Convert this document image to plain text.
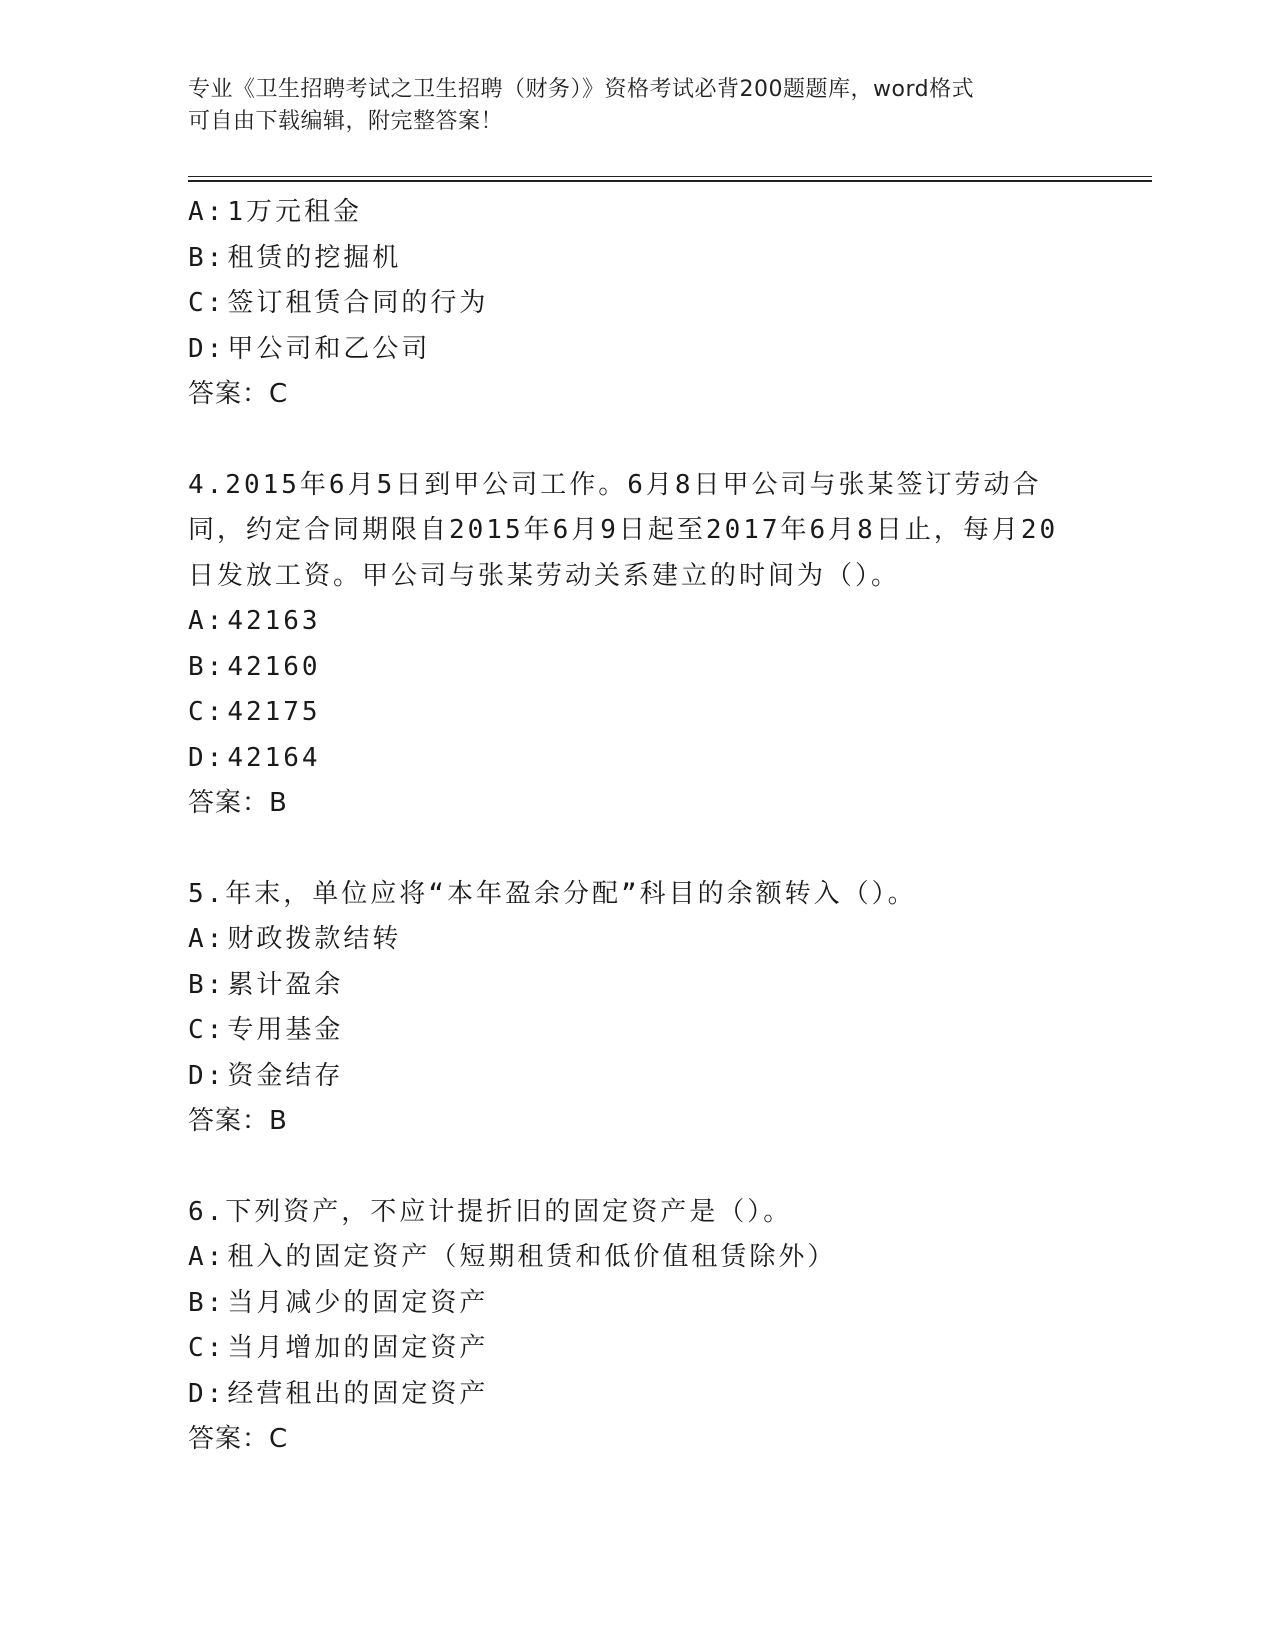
专业《卫生招聘考试之卫生招聘（财务）》资格考试必背200题题库，word格式
可自由下载编辑，附完整答案！
A:1万元租金
B:租赁的挖掘机
C:签订租赁合同的行为
D:甲公司和乙公司
答案：C
4.2015年6月5日到甲公司工作。6月8日甲公司与张某签订劳动合同，约定合同期限自2015年6月9日起至2017年6月8日止，每月20日发放工资。甲公司与张某劳动关系建立的时间为（）。
A:42163
B:42160
C:42175
D:42164
答案：B
5.年末，单位应将“本年盈余分配”科目的余额转入（）。
A:财政拨款结转
B:累计盈余
C:专用基金
D:资金结存
答案：B
6.下列资产，不应计提折旧的固定资产是（）。
A:租入的固定资产（短期租赁和低价值租赁除外）
B:当月减少的固定资产
C:当月增加的固定资产
D:经营租出的固定资产
答案：C
